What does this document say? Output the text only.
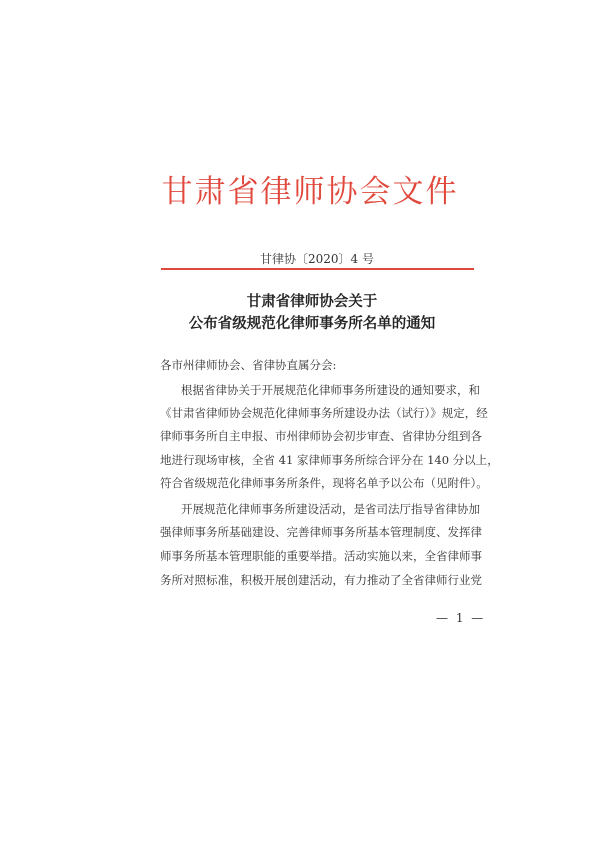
甘肃省律师协会文件
甘律协〔2020〕4 号
甘肃省律师协会关于
公布省级规范化律师事务所名单的通知
各市州律师协会、省律协直属分会:
根据省律协关于开展规范化律师事务所建设的通知要求，和
《甘肃省律师协会规范化律师事务所建设办法（试行）》规定，经
律师事务所自主申报、市州律师协会初步审查、省律协分组到各
地进行现场审核，全省 41 家律师事务所综合评分在 140 分以上，
符合省级规范化律师事务所条件，现将名单予以公布（见附件）。
开展规范化律师事务所建设活动，是省司法厅指导省律协加
强律师事务所基础建设、完善律师事务所基本管理制度、发挥律
师事务所基本管理职能的重要举措。活动实施以来，全省律师事
务所对照标准，积极开展创建活动，有力推动了全省律师行业党
— 1 —
